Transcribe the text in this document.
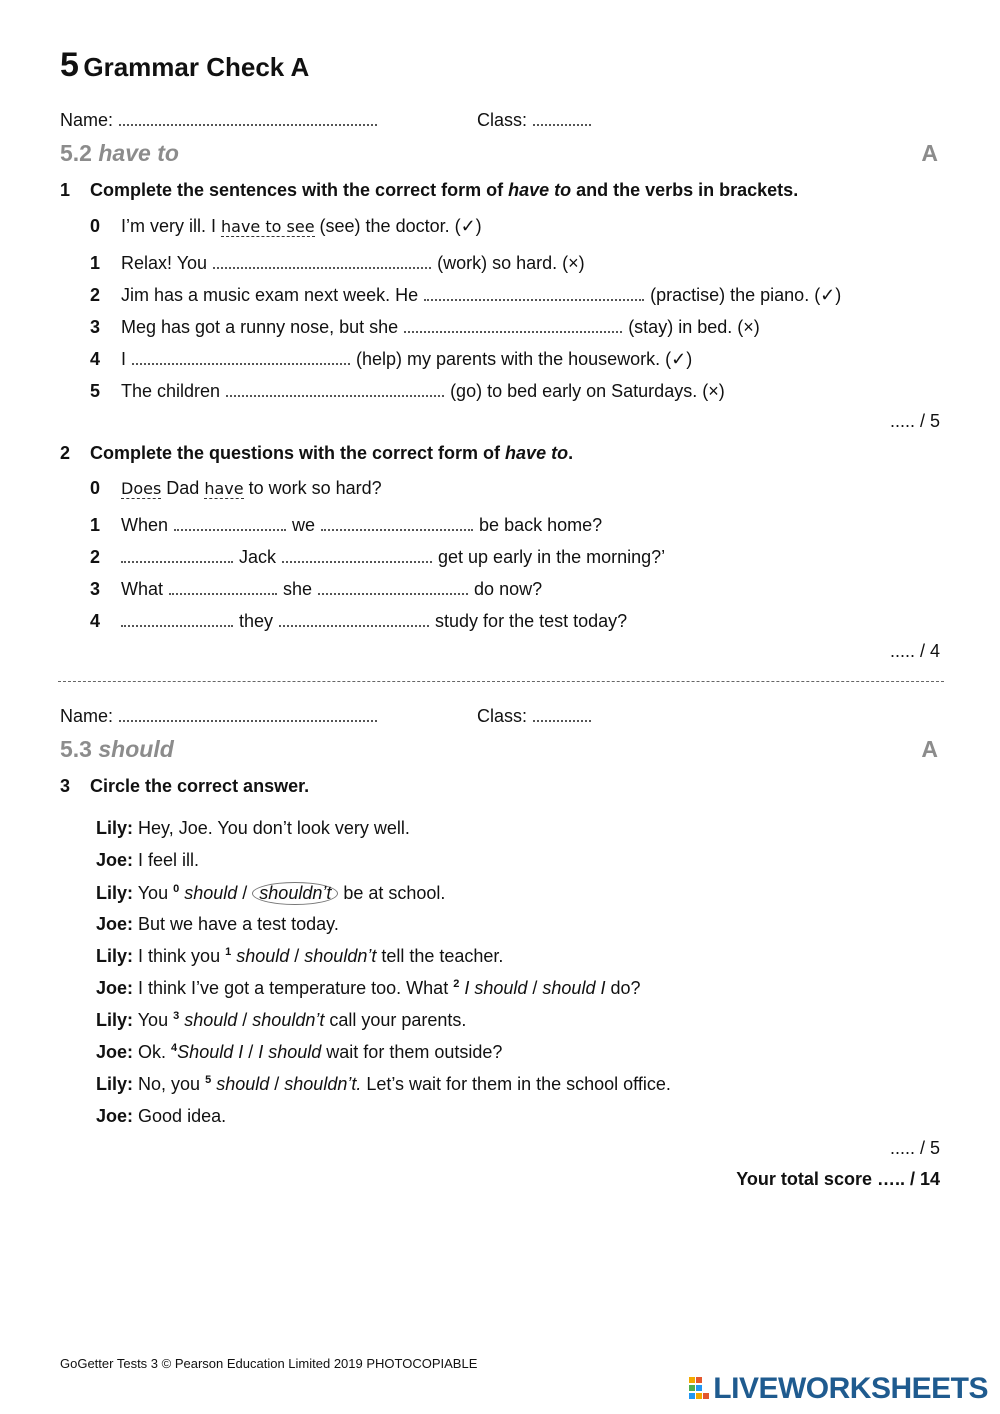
5 Grammar Check A
Name:	Class:
5.2 have to	A
1 Complete the sentences with the correct form of have to and the verbs in brackets.
0 I’m very ill. I have to see (see) the doctor. (✓)
1 Relax! You	(work) so hard. (×)
2 Jim has a music exam next week. He	(practise) the piano. (✓)
3 Meg has got a runny nose, but she	(stay) in bed. (×)
4 I	(help) my parents with the housework. (✓)
5 The children	(go) to bed early on Saturdays. (×)
..... / 5
2 Complete the questions with the correct form of have to.
0 Does Dad have to work so hard?
1 When	we	be back home?
2	Jack	get up early in the morning?’
3 What	she	do now?
4	they	study for the test today?
..... / 4
Name:	Class:
5.3 should	A
3 Circle the correct answer.
Lily: Hey, Joe. You don’t look very well.
Joe: I feel ill.
Lily: You $^0$ should / shouldn’t be at school.
Joe: But we have a test today.
Lily: I think you $^1$ should / shouldn’t tell the teacher.
Joe: I think I’ve got a temperature too. What $^2$ I should / should I do?
Lily: You $^3$ should / shouldn’t call your parents.
Joe: Ok. $^4$Should I / I should wait for them outside?
Lily: No, you $^5$ should / shouldn’t. Let’s wait for them in the school office.
Joe: Good idea.
..... / 5
Your total score ….. / 14
GoGetter Tests 3 © Pearson Education Limited 2019 PHOTOCOPIABLE
LIVEWORKSHEETS
